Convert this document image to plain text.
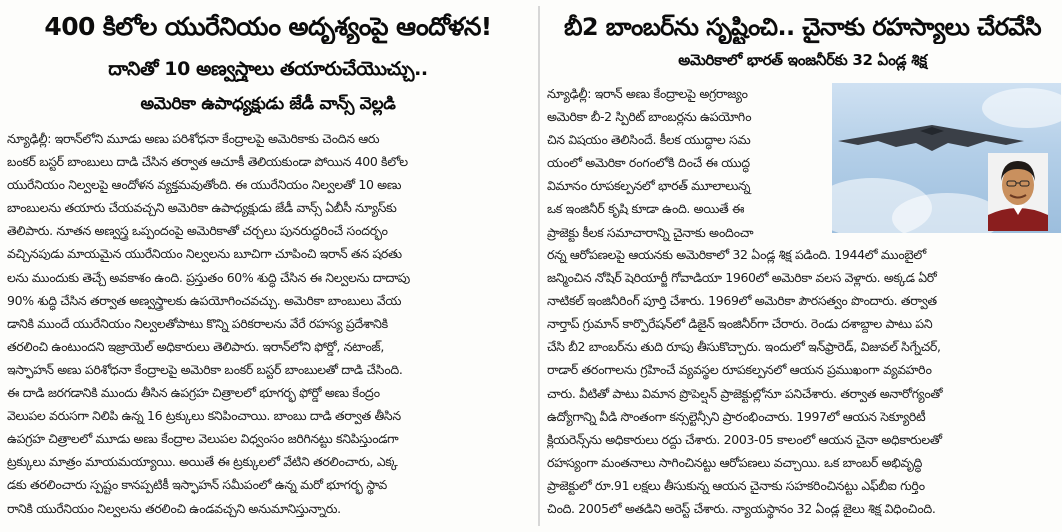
400 కిలోల యురేనియం అదృశ్యంపై ఆందోళన!
దానితో 10 అణ్వస్త్రాలు తయారుచేయొచ్చు..
అమెరికా ఉపాధ్యక్షుడు జేడీ వాన్స్ వెల్లడి
న్యూఢిల్లీ: ఇరాన్‌లోని మూడు అణు పరిశోధనా కేంద్రాలపై అమెరికాకు చెందిన ఆరు
బంకర్ బస్టర్ బాంబులు దాడి చేసిన తర్వాత ఆచూకీ తెలియకుండా పోయిన 400 కిలోల
యురేనియం నిల్వలపై ఆందోళన వ్యక్తమవుతోంది. ఈ యురేనియం నిల్వలతో 10 అణు
బాంబులను తయారు చేయవచ్చని అమెరికా ఉపాధ్యక్షుడు జేడీ వాన్స్ ఏబీసీ న్యూస్‌కు
తెలిపారు. నూతన అణ్వస్త్ర ఒప్పందంపై అమెరికాతో చర్చలు పునరుద్ధరించే సందర్భం
వచ్చినపుడు మాయమైన యురేనియం నిల్వలను బూచిగా చూపించి ఇరాన్ తన షరతు
లను ముందుకు తెచ్చే అవకాశం ఉంది. ప్రస్తుతం 60% శుద్ధి చేసిన ఈ నిల్వలను దాదాపు
90% శుద్ధి చేసిన తర్వాత అణ్వస్త్రాలకు ఉపయోగించవచ్చు. అమెరికా బాంబులు వేయ
డానికి ముందే యురేనియం నిల్వలతోపాటు కొన్ని పరికరాలను వేరే రహస్య ప్రదేశానికి
తరలించి ఉంటుందని ఇజ్రాయెల్ అధికారులు తెలిపారు. ఇరాన్‌లోని ఫోర్డో, నటాంజ్,
ఇస్ఫాహన్ అణు పరిశోధనా కేంద్రాలపై అమెరికా బంకర్ బస్టర్ బాంబులతో దాడి చేసింది.
ఈ దాడి జరగడానికి ముందు తీసిన ఉపగ్రహ చిత్రాలలో భూగర్భ ఫోర్డో అణు కేంద్రం
వెలుపల వరుసగా నిలిపి ఉన్న 16 ట్రక్కులు కనిపించాయి. బాంబు దాడి తర్వాత తీసిన
ఉపగ్రహ చిత్రాలలో మూడు అణు కేంద్రాల వెలుపల విధ్వంసం జరిగినట్టు కనిపిస్తుండగా
ట్రక్కులు మాత్రం మాయమయ్యాయి. అయితే ఈ ట్రక్కులలో వేటిని తరలించారు, ఎక్క
డకు తరలించారు స్పష్టం కానప్పటికీ ఇస్ఫాహన్ సమీపంలో ఉన్న మరో భూగర్భ స్థావ
రానికి యురేనియం నిల్వలను తరలించి ఉండవచ్చని అనుమానిస్తున్నారు.
బీ2 బాంబర్‌ను సృష్టించి.. చైనాకు రహస్యాలు చేరవేసి
అమెరికాలో భారత్ ఇంజనీర్‌కు 32 ఏండ్ల శిక్ష
న్యూఢిల్లీ: ఇరాన్ అణు కేంద్రాలపై అగ్రరాజ్యం
అమెరికా బీ-2 స్పిరిట్ బాంబర్లను ఉపయోగిం
చిన విషయం తెలిసిందే. కీలక యుద్ధాల సమ
యంలో అమెరికా రంగంలోకి దించే ఈ యుద్ధ
విమానం రూపకల్పనలో భారత్ మూలాలున్న
ఒక ఇంజినీర్ కృషి కూడా ఉంది. అయితే ఈ
ప్రాజెక్టు కీలక సమాచారాన్ని చైనాకు అందించా
రన్న ఆరోపణలపై ఆయనకు అమెరికాలో 32 ఏండ్ల శిక్ష పడింది. 1944లో ముంబైలో
జన్మించిన నోషిర్ షెరియార్జీ గోవాడియా 1960లో అమెరికా వలస వెళ్లారు. అక్కడ ఏరో
నాటికల్ ఇంజినీరింగ్ పూర్తి చేశారు. 1969లో అమెరికా పౌరసత్వం పొందారు. తర్వాత
నార్తాప్ గ్రుమాన్ కార్పొరేషన్‌లో డిజైన్ ఇంజినీర్‌గా చేరారు. రెండు దశాబ్దాల పాటు పని
చేసి బీ2 బాంబర్‌ను తుది రూపు తీసుకొచ్చారు. ఇందులో ఇన్‌ఫ్రారెడ్, విజువల్ సిగ్నేచర్,
రాడార్ తరంగాలను గ్రహించే వ్యవస్థల రూపకల్పనలో ఆయన ప్రముఖంగా వ్యవహరిం
చారు. వీటితో పాటు విమాన ప్రొపెల్షన్ ప్రాజెక్టుల్లోనూ పనిచేశారు. తర్వాత అనారోగ్యంతో
ఉద్యోగాన్ని వీడి సొంతంగా కన్సల్టెన్సీని ప్రారంభించారు. 1997లో ఆయన సెక్యూరిటీ
క్లియరెన్స్‌ను అధికారులు రద్దు చేశారు. 2003-05 కాలంలో ఆయన చైనా అధికారులతో
రహస్యంగా మంతనాలు సాగించినట్టు ఆరోపణలు వచ్చాయి. ఒక బాంబర్ అభివృద్ధి
ప్రాజెక్టులో రూ.91 లక్షలు తీసుకున్న ఆయన చైనాకు సహకరించినట్టు ఎఫ్‌బీఐ గుర్తిం
చింది. 2005లో అతడిని అరెస్ట్ చేశారు. న్యాయస్థానం 32 ఏండ్ల జైలు శిక్ష విధించింది.
